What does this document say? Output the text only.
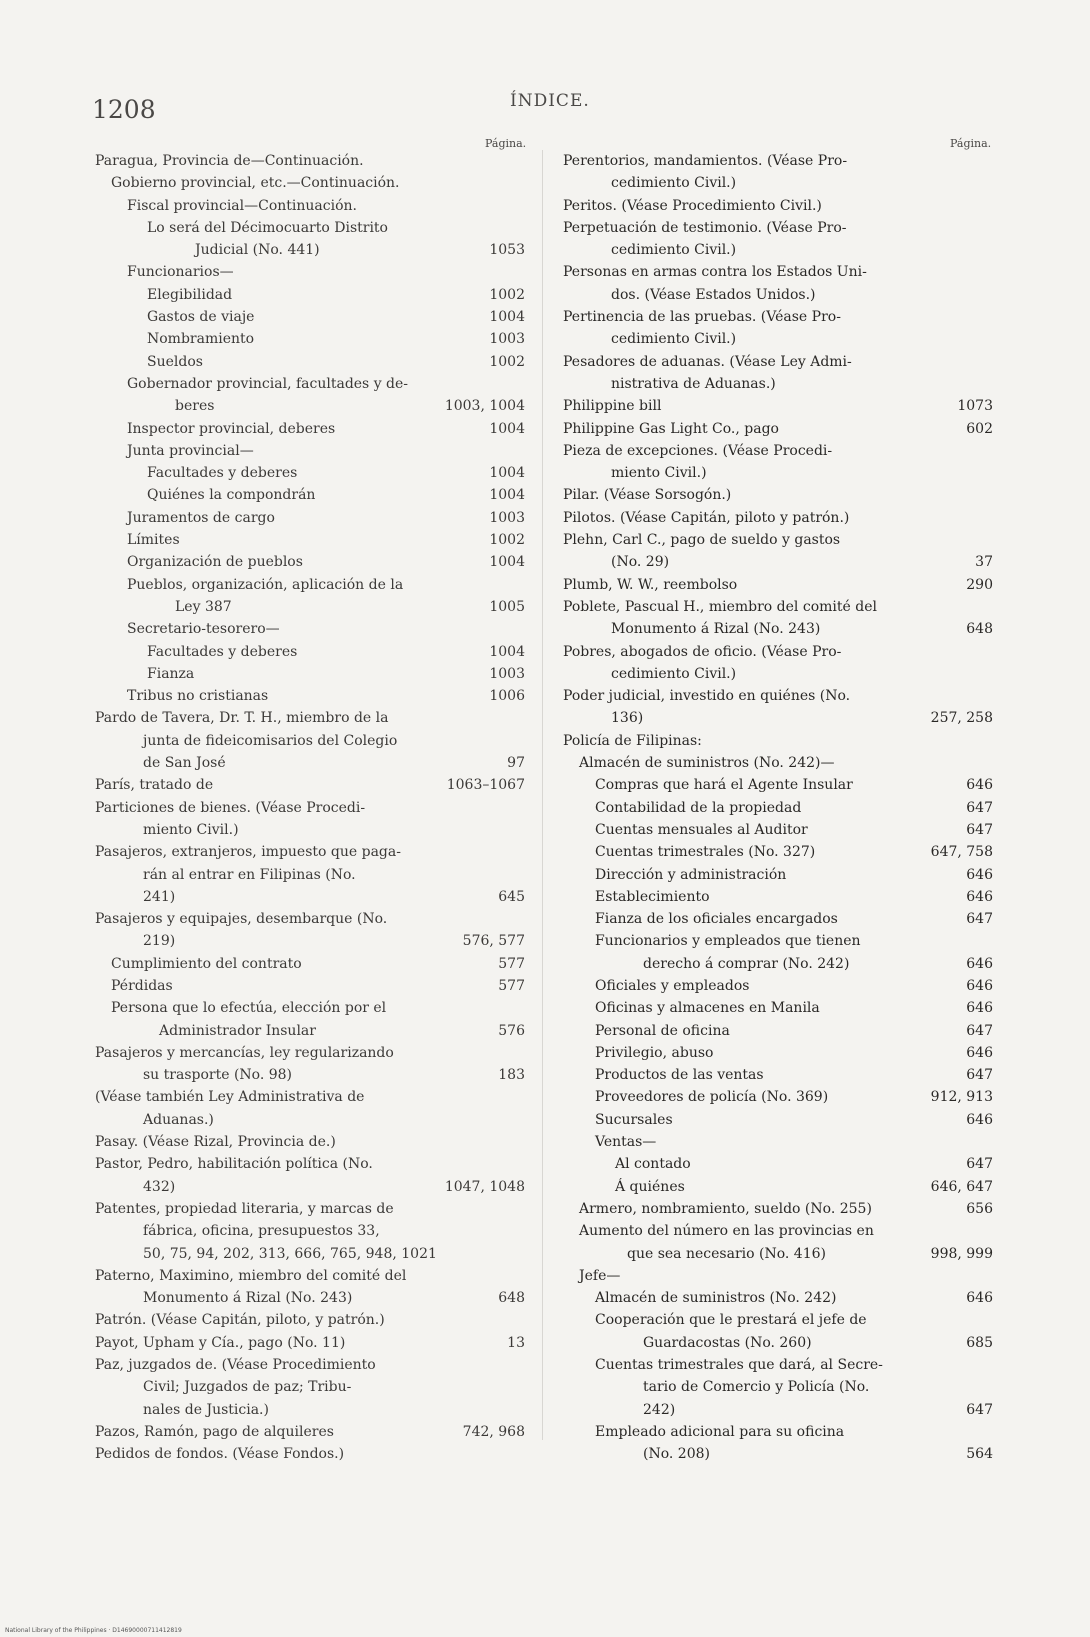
1208	ÍNDICE.
Página.	Página.
Paragua, Provincia de—Continuación.
Gobierno provincial, etc.—Continuación.
Fiscal provincial—Continuación.
Lo será del Décimocuarto Distrito
Judicial (No. 441)	1053
Funcionarios—
Elegibilidad	1002
Gastos de viaje	1004
Nombramiento	1003
Sueldos	1002
Gobernador provincial, facultades y de-
beres	1003, 1004
Inspector provincial, deberes	1004
Junta provincial—
Facultades y deberes	1004
Quiénes la compondrán	1004
Juramentos de cargo	1003
Límites	1002
Organización de pueblos	1004
Pueblos, organización, aplicación de la
Ley 387	1005
Secretario-tesorero—
Facultades y deberes	1004
Fianza	1003
Tribus no cristianas	1006
Pardo de Tavera, Dr. T. H., miembro de la
junta de fideicomisarios del Colegio
de San José	97
París, tratado de	1063–1067
Particiones de bienes. (Véase Procedi-
miento Civil.)
Pasajeros, extranjeros, impuesto que paga-
rán al entrar en Filipinas (No.
241)	645
Pasajeros y equipajes, desembarque (No.
219)	576, 577
Cumplimiento del contrato	577
Pérdidas	577
Persona que lo efectúa, elección por el
Administrador Insular	576
Pasajeros y mercancías, ley regularizando
su trasporte (No. 98)	183
(Véase también Ley Administrativa de
Aduanas.)
Pasay. (Véase Rizal, Provincia de.)
Pastor, Pedro, habilitación política (No.
432)	1047, 1048
Patentes, propiedad literaria, y marcas de
fábrica, oficina, presupuestos 33,
50, 75, 94, 202, 313, 666, 765, 948, 1021
Paterno, Maximino, miembro del comité del
Monumento á Rizal (No. 243)	648
Patrón. (Véase Capitán, piloto, y patrón.)
Payot, Upham y Cía., pago (No. 11)	13
Paz, juzgados de. (Véase Procedimiento
Civil; Juzgados de paz; Tribu-
nales de Justicia.)
Pazos, Ramón, pago de alquileres	742, 968
Pedidos de fondos. (Véase Fondos.)
Perentorios, mandamientos. (Véase Pro-
cedimiento Civil.)
Peritos. (Véase Procedimiento Civil.)
Perpetuación de testimonio. (Véase Pro-
cedimiento Civil.)
Personas en armas contra los Estados Uni-
dos. (Véase Estados Unidos.)
Pertinencia de las pruebas. (Véase Pro-
cedimiento Civil.)
Pesadores de aduanas. (Véase Ley Admi-
nistrativa de Aduanas.)
Philippine bill	1073
Philippine Gas Light Co., pago	602
Pieza de excepciones. (Véase Procedi-
miento Civil.)
Pilar. (Véase Sorsogón.)
Pilotos. (Véase Capitán, piloto y patrón.)
Plehn, Carl C., pago de sueldo y gastos
(No. 29)	37
Plumb, W. W., reembolso	290
Poblete, Pascual H., miembro del comité del
Monumento á Rizal (No. 243)	648
Pobres, abogados de oficio. (Véase Pro-
cedimiento Civil.)
Poder judicial, investido en quiénes (No.
136)	257, 258
Policía de Filipinas:
Almacén de suministros (No. 242)—
Compras que hará el Agente Insular	646
Contabilidad de la propiedad	647
Cuentas mensuales al Auditor	647
Cuentas trimestrales (No. 327)	647, 758
Dirección y administración	646
Establecimiento	646
Fianza de los oficiales encargados	647
Funcionarios y empleados que tienen
derecho á comprar (No. 242)	646
Oficiales y empleados	646
Oficinas y almacenes en Manila	646
Personal de oficina	647
Privilegio, abuso	646
Productos de las ventas	647
Proveedores de policía (No. 369)	912, 913
Sucursales	646
Ventas—
Al contado	647
Á quiénes	646, 647
Armero, nombramiento, sueldo (No. 255)	656
Aumento del número en las provincias en
que sea necesario (No. 416)	998, 999
Jefe—
Almacén de suministros (No. 242)	646
Cooperación que le prestará el jefe de
Guardacostas (No. 260)	685
Cuentas trimestrales que dará, al Secre-
tario de Comercio y Policía (No.
242)	647
Empleado adicional para su oficina
(No. 208)	564
National Library of the Philippines · D14690000711412819
